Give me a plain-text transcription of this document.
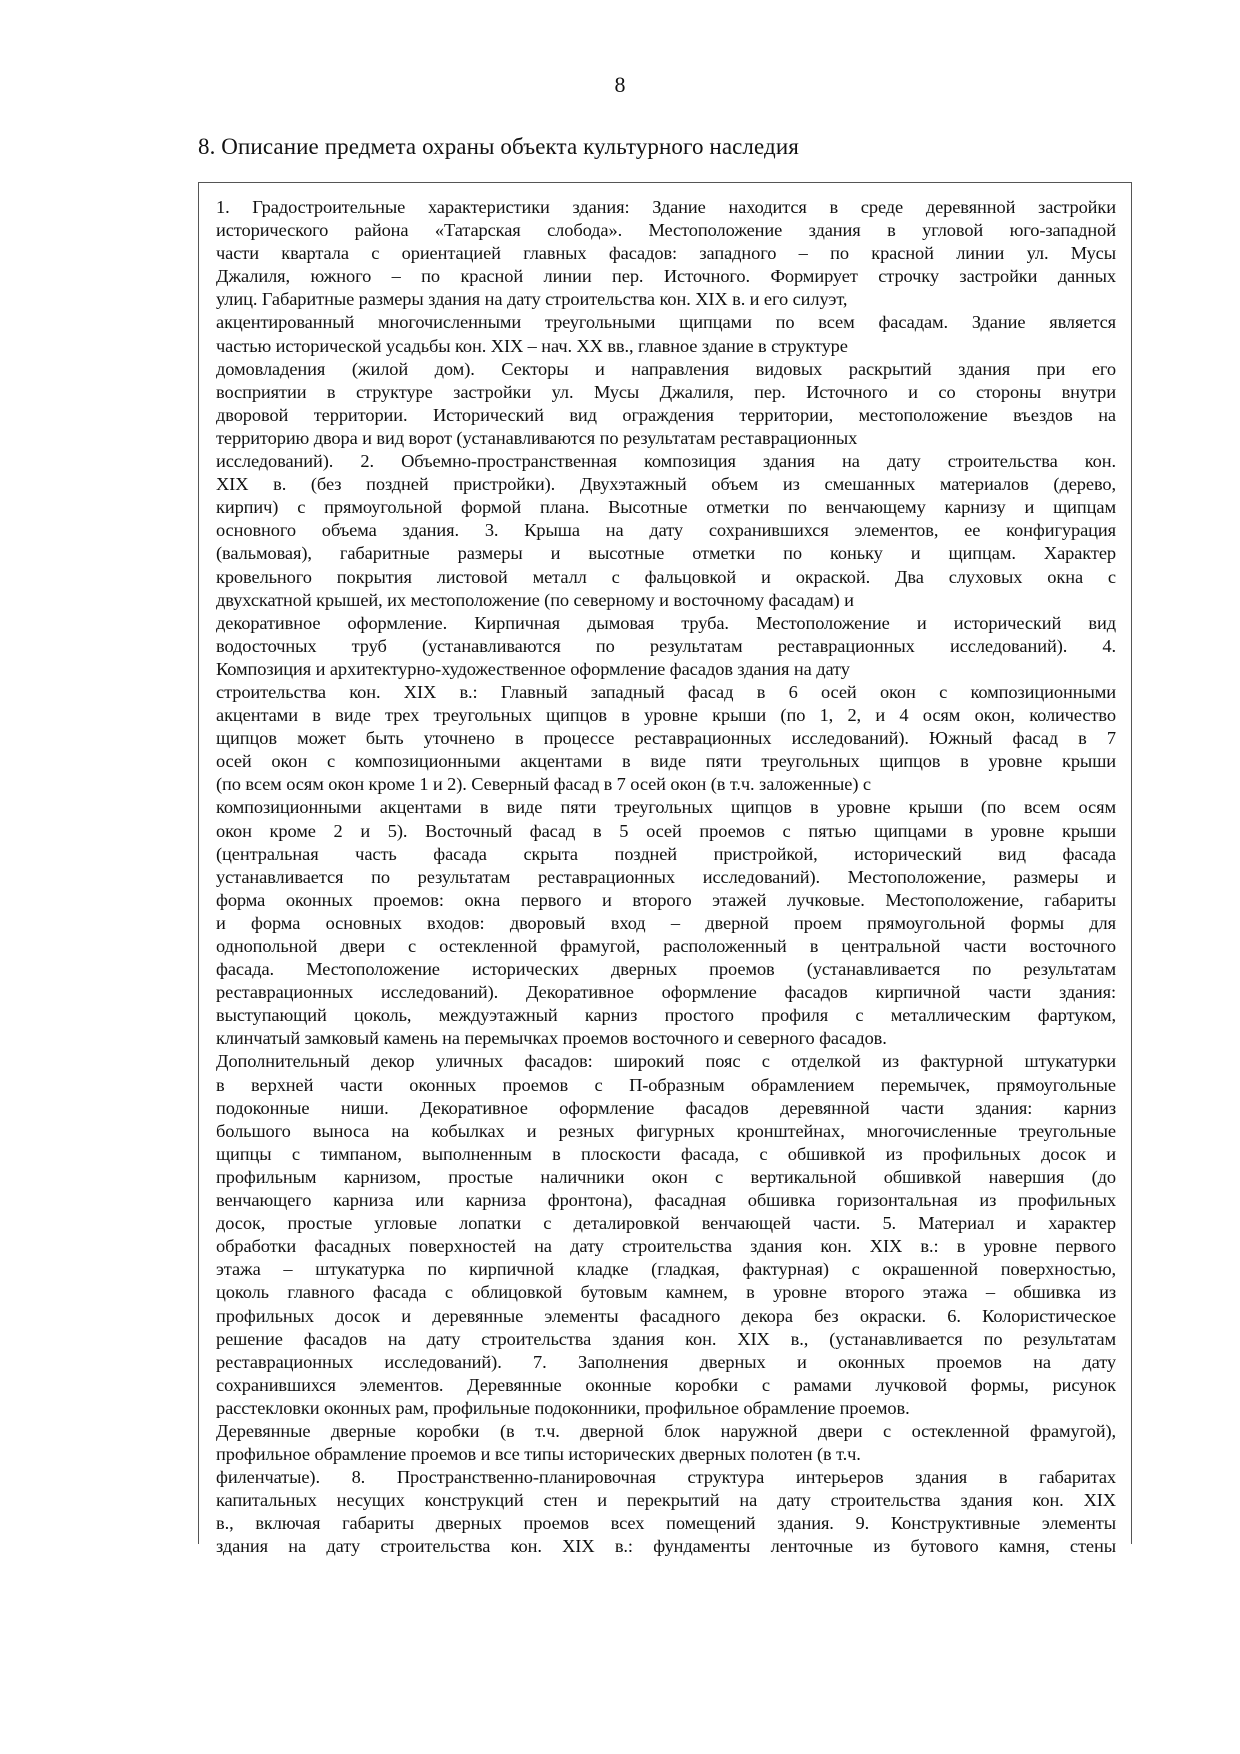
8
8. Описание предмета охраны объекта культурного наследия
1. Градостроительные характеристики здания: Здание находится в среде деревянной застройки
исторического района «Татарская слобода». Местоположение здания в угловой юго-западной
части квартала с ориентацией главных фасадов: западного – по красной линии ул. Мусы
Джалиля, южного – по красной линии пер. Источного. Формирует строчку застройки данных
улиц. Габаритные размеры здания на дату строительства кон. XIX в. и его силуэт,
акцентированный многочисленными треугольными щипцами по всем фасадам. Здание является
частью исторической усадьбы кон. XIX – нач. XX вв., главное здание в структуре
домовладения (жилой дом). Секторы и направления видовых раскрытий здания при его
восприятии в структуре застройки ул. Мусы Джалиля, пер. Источного и со стороны внутри
дворовой территории. Исторический вид ограждения территории, местоположение въездов на
территорию двора и вид ворот (устанавливаются по результатам реставрационных
исследований). 2. Объемно-пространственная композиция здания на дату строительства кон.
XIX в. (без поздней пристройки). Двухэтажный объем из смешанных материалов (дерево,
кирпич) с прямоугольной формой плана. Высотные отметки по венчающему карнизу и щипцам
основного объема здания. 3. Крыша на дату сохранившихся элементов, ее конфигурация
(вальмовая), габаритные размеры и высотные отметки по коньку и щипцам. Характер
кровельного покрытия листовой металл с фальцовкой и окраской. Два слуховых окна с
двухскатной крышей, их местоположение (по северному и восточному фасадам) и
декоративное оформление. Кирпичная дымовая труба. Местоположение и исторический вид
водосточных труб (устанавливаются по результатам реставрационных исследований). 4.
Композиция и архитектурно-художественное оформление фасадов здания на дату
строительства кон. XIX в.: Главный западный фасад в 6 осей окон с композиционными
акцентами в виде трех треугольных щипцов в уровне крыши (по 1, 2, и 4 осям окон, количество
щипцов может быть уточнено в процессе реставрационных исследований). Южный фасад в 7
осей окон с композиционными акцентами в виде пяти треугольных щипцов в уровне крыши
(по всем осям окон кроме 1 и 2). Северный фасад в 7 осей окон (в т.ч. заложенные) с
композиционными акцентами в виде пяти треугольных щипцов в уровне крыши (по всем осям
окон кроме 2 и 5). Восточный фасад в 5 осей проемов с пятью щипцами в уровне крыши
(центральная часть фасада скрыта поздней пристройкой, исторический вид фасада
устанавливается по результатам реставрационных исследований). Местоположение, размеры и
форма оконных проемов: окна первого и второго этажей лучковые. Местоположение, габариты
и форма основных входов: дворовый вход – дверной проем прямоугольной формы для
однопольной двери с остекленной фрамугой, расположенный в центральной части восточного
фасада. Местоположение исторических дверных проемов (устанавливается по результатам
реставрационных исследований). Декоративное оформление фасадов кирпичной части здания:
выступающий цоколь, междуэтажный карниз простого профиля с металлическим фартуком,
клинчатый замковый камень на перемычках проемов восточного и северного фасадов.
Дополнительный декор уличных фасадов: широкий пояс с отделкой из фактурной штукатурки
в верхней части оконных проемов с П-образным обрамлением перемычек, прямоугольные
подоконные ниши. Декоративное оформление фасадов деревянной части здания: карниз
большого выноса на кобылках и резных фигурных кронштейнах, многочисленные треугольные
щипцы с тимпаном, выполненным в плоскости фасада, с обшивкой из профильных досок и
профильным карнизом, простые наличники окон с вертикальной обшивкой навершия (до
венчающего карниза или карниза фронтона), фасадная обшивка горизонтальная из профильных
досок, простые угловые лопатки с деталировкой венчающей части. 5. Материал и характер
обработки фасадных поверхностей на дату строительства здания кон. XIX в.: в уровне первого
этажа – штукатурка по кирпичной кладке (гладкая, фактурная) с окрашенной поверхностью,
цоколь главного фасада с облицовкой бутовым камнем, в уровне второго этажа – обшивка из
профильных досок и деревянные элементы фасадного декора без окраски. 6. Колористическое
решение фасадов на дату строительства здания кон. XIX в., (устанавливается по результатам
реставрационных исследований). 7. Заполнения дверных и оконных проемов на дату
сохранившихся элементов. Деревянные оконные коробки с рамами лучковой формы, рисунок
расстекловки оконных рам, профильные подоконники, профильное обрамление проемов.
Деревянные дверные коробки (в т.ч. дверной блок наружной двери с остекленной фрамугой),
профильное обрамление проемов и все типы исторических дверных полотен (в т.ч.
филенчатые). 8. Пространственно-планировочная структура интерьеров здания в габаритах
капитальных несущих конструкций стен и перекрытий на дату строительства здания кон. XIX
в., включая габариты дверных проемов всех помещений здания. 9. Конструктивные элементы
здания на дату строительства кон. XIX в.: фундаменты ленточные из бутового камня, стены
